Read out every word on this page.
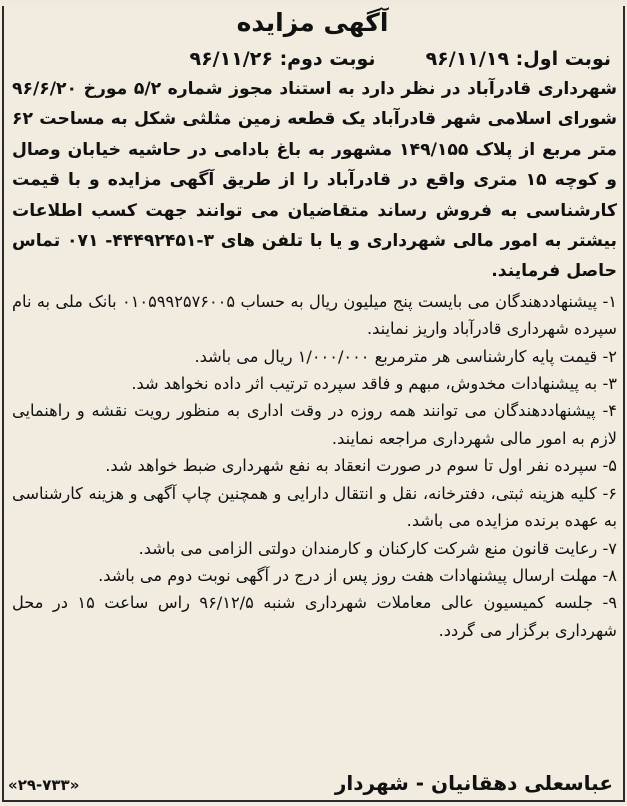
آگهی مزایده
نوبت اول: ۹۶/۱۱/۱۹
نوبت دوم: ۹۶/۱۱/۲۶
شهرداری قادرآباد در نظر دارد به استناد مجوز شماره ۵/۲ مورخ ۹۶/۶/۲۰ شورای اسلامی شهر قادرآباد یک قطعه زمین مثلثی شکل به مساحت ۶۲ متر مربع از پلاک ۱۴۹/۱۵۵ مشهور به باغ بادامی در حاشیه خیابان وصال و کوچه ۱۵ متری واقع در قادرآباد را از طریق آگهی مزایده و با قیمت کارشناسی به فروش رساند متقاضیان می توانند جهت کسب اطلاعات بیشتر به امور مالی شهرداری و یا با تلفن های ۳-۴۴۴۹۲۴۵۱- ۰۷۱ تماس حاصل فرمایند.

۱- پیشنهاددهندگان می بایست پنج میلیون ریال به حساب ۰۱۰۵۹۹۲۵۷۶۰۰۵ بانک ملی به نام سپرده شهرداری قادرآباد واریز نمایند.

۲- قیمت پایه کارشناسی هر مترمربع ۱/۰۰۰/۰۰۰ ریال می باشد.

۳- به پیشنهادات مخدوش، مبهم و فاقد سپرده ترتیب اثر داده نخواهد شد.

۴- پیشنهاددهندگان می توانند همه روزه در وقت اداری به منظور رویت نقشه و راهنمایی لازم به امور مالی شهرداری مراجعه نمایند.

۵- سپرده نفر اول تا سوم در صورت انعقاد به نفع شهرداری ضبط خواهد شد.

۶- کلیه هزینه ثبتی، دفترخانه، نقل و انتقال دارایی و همچنین چاپ آگهی و هزینه کارشناسی به عهده برنده مزایده می باشد.

۷- رعایت قانون منع شرکت کارکنان و کارمندان دولتی الزامی می باشد.

۸- مهلت ارسال پیشنهادات هفت روز پس از درج در آگهی نوبت دوم می باشد.

۹- جلسه کمیسیون عالی معاملات شهرداری شنبه ۹۶/۱۲/۵ راس ساعت ۱۵ در محل شهرداری برگزار می گردد.

عباسعلی دهقانیان - شهردار
«۲۹-۷۳۳»
